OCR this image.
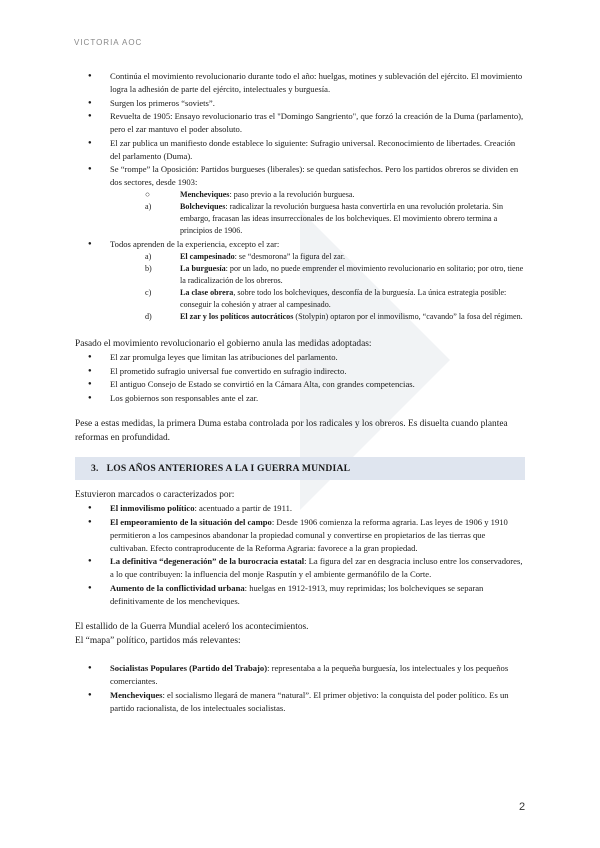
VICTORIA AOC
● Continúa el movimiento revolucionario durante todo el año: huelgas, motines y sublevación del ejército. El movimiento logra la adhesión de parte del ejército, intelectuales y burguesía.
● Surgen los primeros “soviets”.
● Revuelta de 1905: Ensayo revolucionario tras el "Domingo Sangriento", que forzó la creación de la Duma (parlamento), pero el zar mantuvo el poder absoluto.
● El zar publica un manifiesto donde establece lo siguiente: Sufragio universal. Reconocimiento de libertades. Creación del parlamento (Duma).
● Se “rompe” la Oposición: Partidos burgueses (liberales): se quedan satisfechos. Pero los partidos obreros se dividen en dos sectores, desde 1903:
○	Mencheviques: paso previo a la revolución burguesa.
a)	Bolcheviques: radicalizar la revolución burguesa hasta convertirla en una revolución proletaria. Sin embargo, fracasan las ideas insurreccionales de los bolcheviques. El movimiento obrero termina a principios de 1906.
● Todos aprenden de la experiencia, excepto el zar:
a)	El campesinado: se “desmorona” la figura del zar.
b)	La burguesía: por un lado, no puede emprender el movimiento revolucionario en solitario; por otro, tiene la radicalización de los obreros.
c)	La clase obrera, sobre todo los bolcheviques, desconfía de la burguesía. La única estrategia posible: conseguir la cohesión y atraer al campesinado.
d)	El zar y los políticos autocráticos (Stolypin) optaron por el inmovilismo, “cavando” la fosa del régimen.

Pasado el movimiento revolucionario el gobierno anula las medidas adoptadas:

● El zar promulga leyes que limitan las atribuciones del parlamento.
● El prometido sufragio universal fue convertido en sufragio indirecto.
● El antiguo Consejo de Estado se convirtió en la Cámara Alta, con grandes competencias.
● Los gobiernos son responsables ante el zar.

Pese a estas medidas, la primera Duma estaba controlada por los radicales y los obreros. Es disuelta cuando plantea reformas en profundidad.

3. LOS AÑOS ANTERIORES A LA I GUERRA MUNDIAL

Estuvieron marcados o caracterizados por:

● El inmovilismo político: acentuado a partir de 1911.
● El empeoramiento de la situación del campo: Desde 1906 comienza la reforma agraria. Las leyes de 1906 y 1910 permitieron a los campesinos abandonar la propiedad comunal y convertirse en propietarios de las tierras que cultivaban. Efecto contraproducente de la Reforma Agraria: favorece a la gran propiedad.
● La definitiva “degeneración” de la burocracia estatal: La figura del zar en desgracia incluso entre los conservadores, a lo que contribuyen: la influencia del monje Rasputín y el ambiente germanófilo de la Corte.
● Aumento de la conflictividad urbana: huelgas en 1912-1913, muy reprimidas; los bolcheviques se separan definitivamente de los mencheviques.

El estallido de la Guerra Mundial aceleró los acontecimientos.

El “mapa” político, partidos más relevantes:

● Socialistas Populares (Partido del Trabajo): representaba a la pequeña burguesía, los intelectuales y los pequeños comerciantes.
● Mencheviques: el socialismo llegará de manera “natural”. El primer objetivo: la conquista del poder político. Es un partido racionalista, de los intelectuales socialistas.
2
